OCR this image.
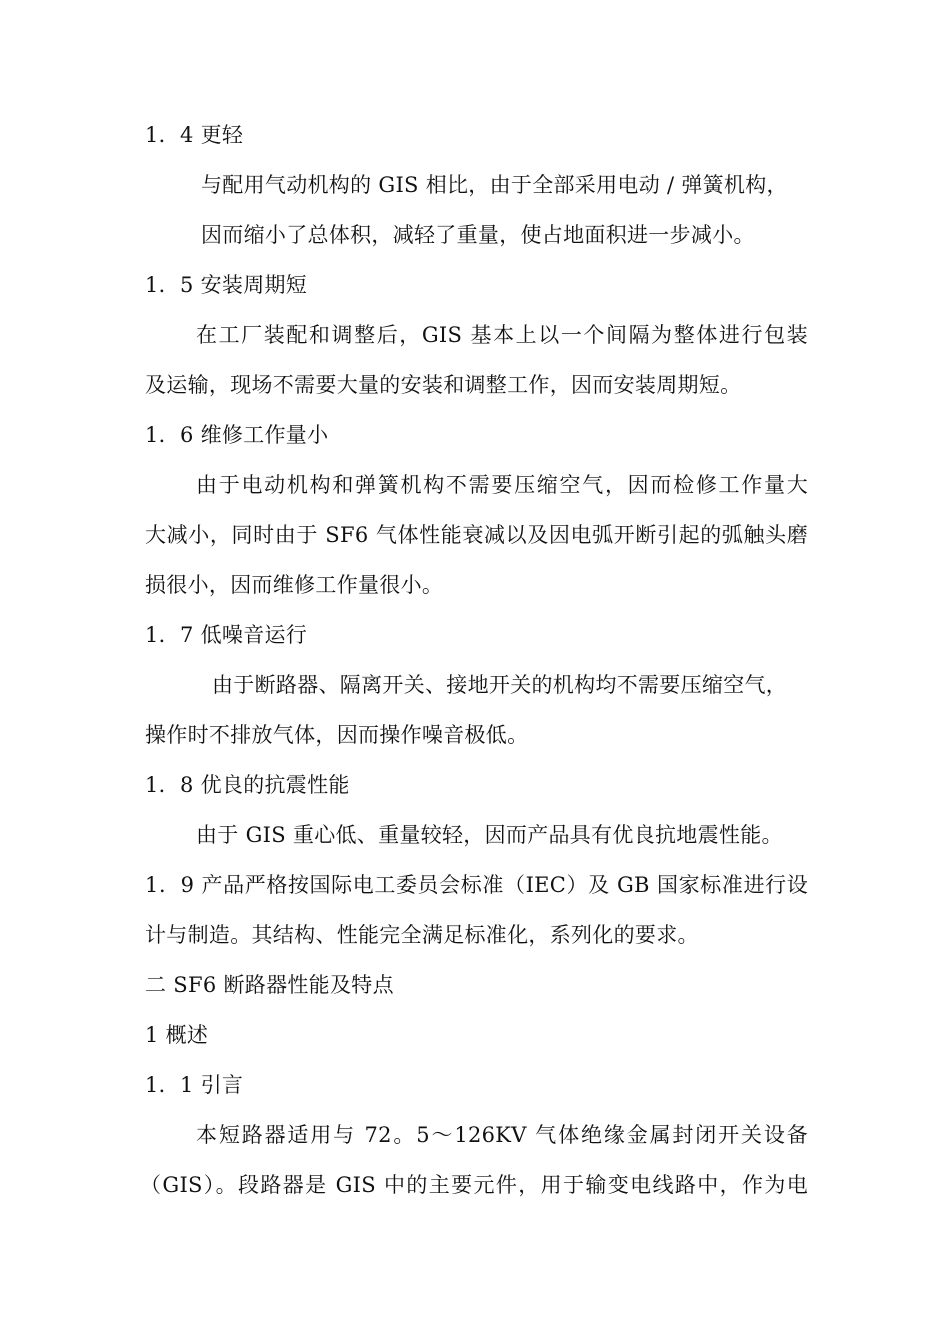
1．4 更轻
与配用气动机构的 GIS 相比，由于全部采用电动 / 弹簧机构，
因而缩小了总体积，减轻了重量，使占地面积进一步减小。
1．5 安装周期短
在工厂装配和调整后，GIS 基本上以一个间隔为整体进行包装
及运输，现场不需要大量的安装和调整工作，因而安装周期短。
1．6 维修工作量小
由于电动机构和弹簧机构不需要压缩空气，因而检修工作量大
大减小，同时由于 SF6 气体性能衰减以及因电弧开断引起的弧触头磨
损很小，因而维修工作量很小。
1．7 低噪音运行
由于断路器、隔离开关、接地开关的机构均不需要压缩空气，
操作时不排放气体，因而操作噪音极低。
1．8 优良的抗震性能
由于 GIS 重心低、重量较轻，因而产品具有优良抗地震性能。
1．9 产品严格按国际电工委员会标准（IEC）及 GB 国家标准进行设
计与制造。其结构、性能完全满足标准化，系列化的要求。
二 SF6 断路器性能及特点
1 概述
1．1 引言
本短路器适用与 72。5～126KV 气体绝缘金属封闭开关设备
（GIS）。段路器是 GIS 中的主要元件，用于输变电线路中，作为电
